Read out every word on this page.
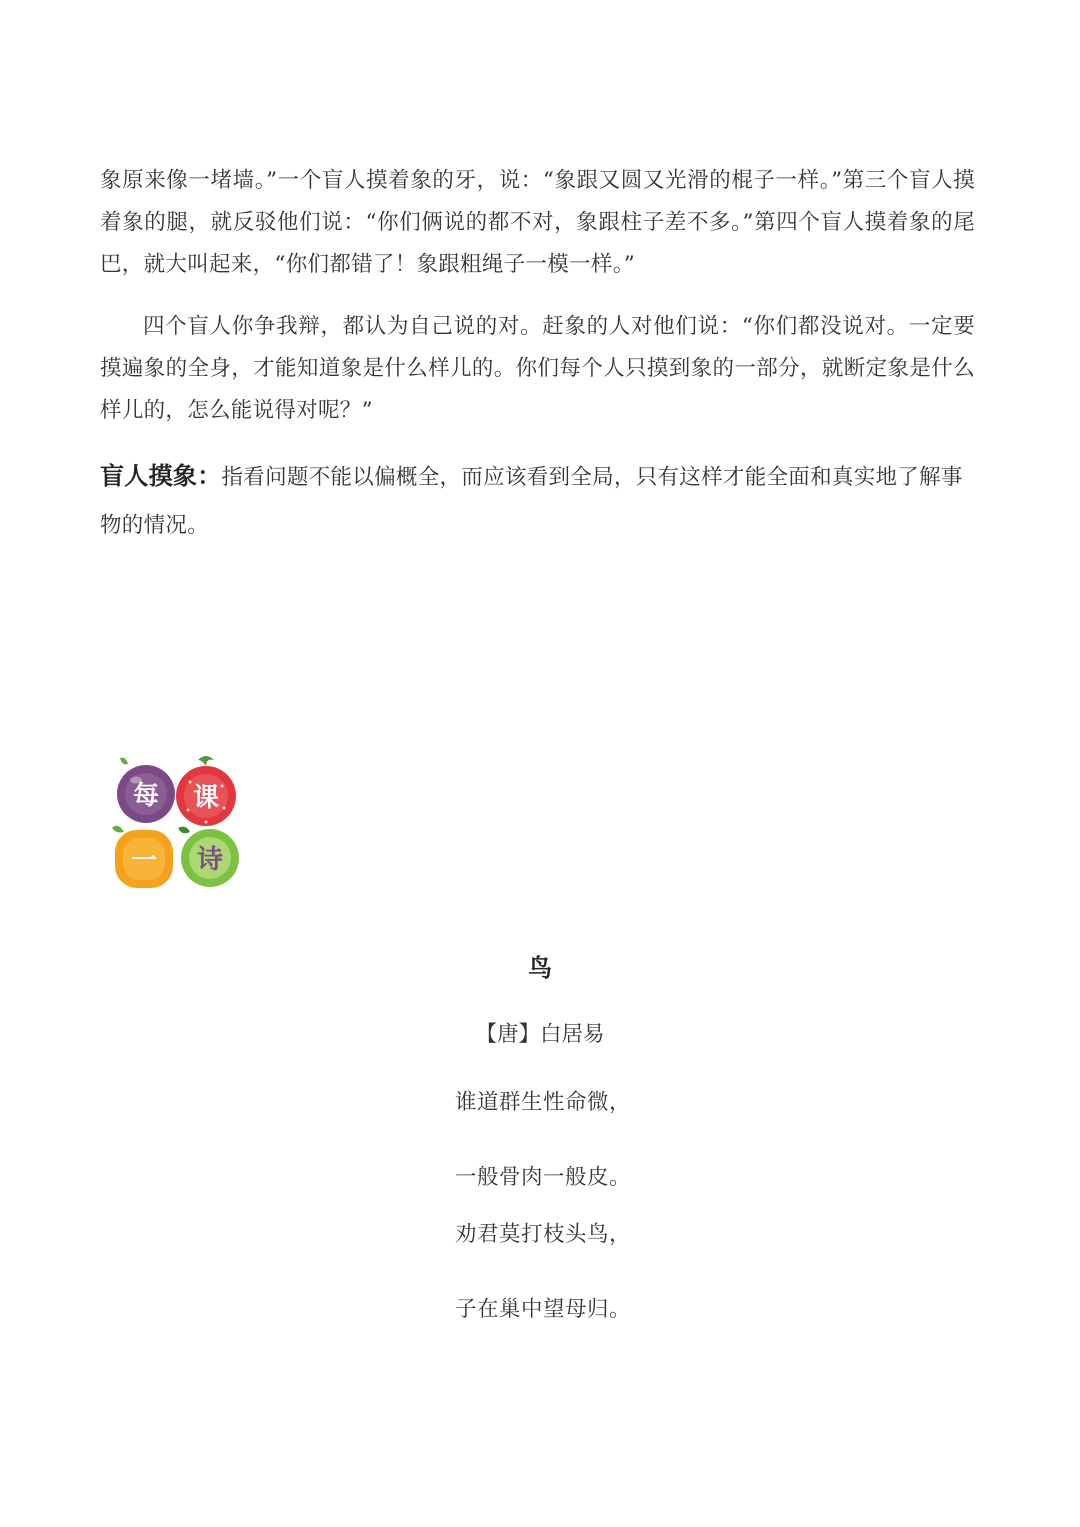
象原来像一堵墙。”一个盲人摸着象的牙，说：“象跟又圆又光滑的棍子一样。”第三个盲人摸着象的腿，就反驳他们说：“你们俩说的都不对，象跟柱子差不多。”第四个盲人摸着象的尾巴，就大叫起来，“你们都错了！象跟粗绳子一模一样。”

四个盲人你争我辩，都认为自己说的对。赶象的人对他们说：“你们都没说对。一定要摸遍象的全身，才能知道象是什么样儿的。你们每个人只摸到象的一部分，就断定象是什么样儿的，怎么能说得对呢？”

盲人摸象：指看问题不能以偏概全，而应该看到全局，只有这样才能全面和真实地了解事物的情况。
每 课
一 诗
鸟
【唐】白居易
谁道群生性命微，
一般骨肉一般皮。
劝君莫打枝头鸟，
子在巢中望母归。
